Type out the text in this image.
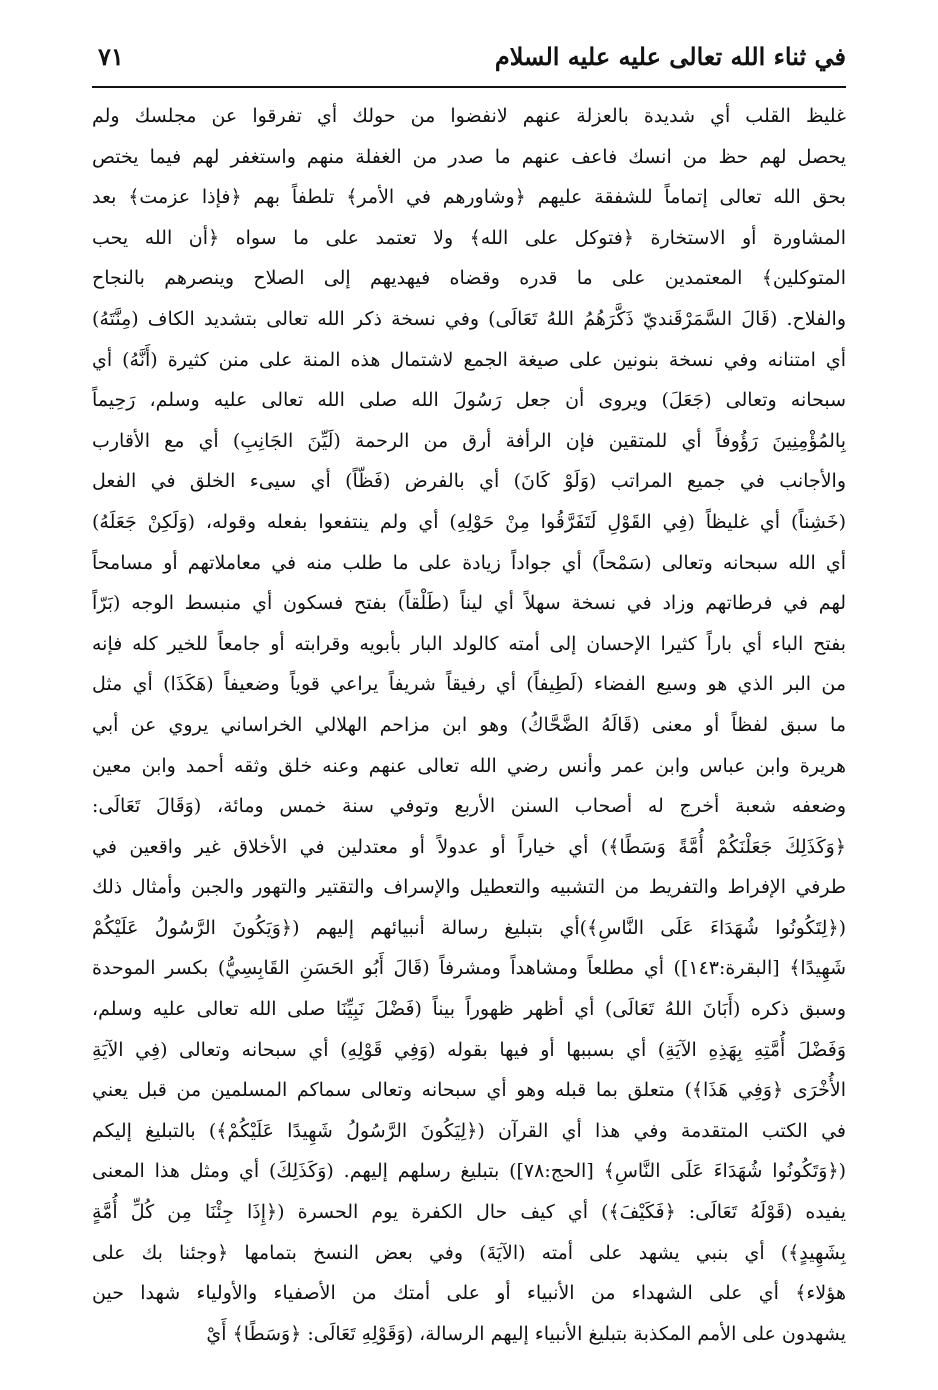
في ثناء الله تعالى عليه عليه السلام
٧١
غليظ القلب أي شديدة بالعزلة عنهم لانفضوا من حولك أي تفرقوا عن مجلسك ولم
يحصل لهم حظ من انسك فاعف عنهم ما صدر من الغفلة منهم واستغفر لهم فيما يختص
بحق الله تعالى إتماماً للشفقة عليهم ﴿وشاورهم في الأمر﴾ تلطفاً بهم ﴿فإذا عزمت﴾ بعد
المشاورة أو الاستخارة ﴿فتوكل على الله﴾ ولا تعتمد على ما سواه ﴿أن الله يحب
المتوكلين﴾ المعتمدين على ما قدره وقضاه فيهديهم إلى الصلاح وينصرهم بالنجاح
والفلاح. (قَالَ السَّمَرْقَنديّ ذَكَّرَهُمُ اللهُ تَعَالَى) وفي نسخة ذكر الله تعالى بتشديد الكاف (مِنَّتَهُ)
أي امتنانه وفي نسخة بنونين على صيغة الجمع لاشتمال هذه المنة على منن كثيرة (أَنَّهُ) أي
سبحانه وتعالى (جَعَلَ) ويروى أن جعل رَسُولَ الله صلى الله تعالى عليه وسلم، رَحِيماً
بِالمُؤْمِنِينَ رَؤُوفاً أي للمتقين فإن الرأفة أرق من الرحمة (لَيِّنَ الجَانِبِ) أي مع الأقارب
والأجانب في جميع المراتب (وَلَوْ كَانَ) أي بالفرض (فَظّاً) أي سيىء الخلق في الفعل
(خَشِناً) أي غليظاً (فِي القَوْلِ لَتَفَرَّقُوا مِنْ حَوْلِهِ) أي ولم ينتفعوا بفعله وقوله، (وَلَكِنْ جَعَلَهُ)
أي الله سبحانه وتعالى (سَمْحاً) أي جواداً زيادة على ما طلب منه في معاملاتهم أو مسامحاً
لهم في فرطاتهم وزاد في نسخة سهلاً أي ليناً (طَلْقاً) بفتح فسكون أي منبسط الوجه (بَرّاً
بفتح الباء أي باراً كثيرا الإحسان إلى أمته كالولد البار بأبويه وقرابته أو جامعاً للخير كله فإنه
من البر الذي هو وسيع الفضاء (لَطِيفاً) أي رفيقاً شريفاً يراعي قوياً وضعيفاً (هَكَذَا) أي مثل
ما سبق لفظاً أو معنى (قَالَهُ الضَّحَّاكُ) وهو ابن مزاحم الهلالي الخراساني يروي عن أبي
هريرة وابن عباس وابن عمر وأنس رضي الله تعالى عنهم وعنه خلق وثقه أحمد وابن معين
وضعفه شعبة أخرج له أصحاب السنن الأربع وتوفي سنة خمس ومائة، (وَقَالَ تَعَالَى:
﴿وَكَذَلِكَ جَعَلْنَكُمْ أُمَّةً وَسَطًا﴾) أي خياراً أو عدولاً أو معتدلين في الأخلاق غير واقعين في
طرفي الإفراط والتفريط من التشبيه والتعطيل والإسراف والتقتير والتهور والجبن وأمثال ذلك
(﴿لِتَكُونُوا شُهَدَاءَ عَلَى النَّاسِ﴾)أي بتبليغ رسالة أنبيائهم إليهم (﴿وَيَكُونَ الرَّسُولُ عَلَيْكُمْ
شَهِيدًا﴾ [البقرة:١٤٣]) أي مطلعاً ومشاهداً ومشرفاً (قَالَ أَبُو الحَسَنِ القَابِسِيُّ) بكسر الموحدة
وسبق ذكره (أَبَانَ اللهُ تَعَالَى) أي أظهر ظهوراً بيناً (فَضْلَ نَبِيِّنَا صلى الله تعالى عليه وسلم،
وَفَضْلَ أُمَّتِهِ بِهَذِهِ الآيَةِ) أي بسببها أو فيها بقوله (وَفِي قَوْلِهِ) أي سبحانه وتعالى (فِي الآيَةِ
الأُخْرَى ﴿وَفِي هَذَا﴾) متعلق بما قبله وهو أي سبحانه وتعالى سماكم المسلمين من قبل يعني
في الكتب المتقدمة وفي هذا أي القرآن (﴿لِيَكُونَ الرَّسُولُ شَهِيدًا عَلَيْكُمْ﴾) بالتبليغ إليكم
(﴿وَتَكُونُوا شُهَدَاءَ عَلَى النَّاسِ﴾ [الحج:٧٨]) بتبليغ رسلهم إليهم. (وَكَذَلِكَ) أي ومثل هذا المعنى
يفيده (قَوْلَهُ تَعَالَى: ﴿فَكَيْفَ﴾) أي كيف حال الكفرة يوم الحسرة (﴿إِذَا جِئْنَا مِن كُلِّ أُمَّةٍ
بِشَهِيدٍ﴾) أي بنبي يشهد على أمته (الآيَةَ) وفي بعض النسخ بتمامها ﴿وجئنا بك على
هؤلاء﴾ أي على الشهداء من الأنبياء أو على أمتك من الأصفياء والأولياء شهدا حين
يشهدون على الأمم المكذبة بتبليغ الأنبياء إليهم الرسالة، (وَقَوْلِهِ تَعَالَى: ﴿وَسَطًا﴾ أَيْ
